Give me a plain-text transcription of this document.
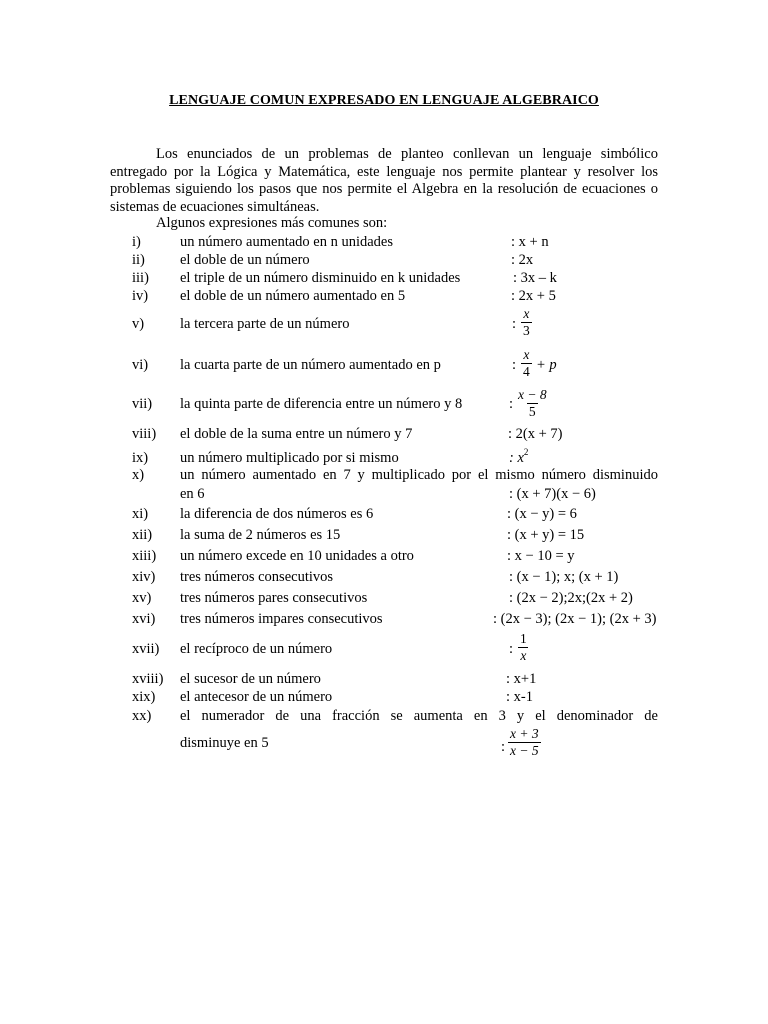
LENGUAJE COMUN EXPRESADO EN LENGUAJE ALGEBRAICO
Los enunciados de un problemas de planteo conllevan un lenguaje simbólico entregado por la Lógica y Matemática, este lenguaje nos permite plantear y resolver los problemas siguiendo los pasos que nos permite el Algebra en la resolución de ecuaciones o sistemas de ecuaciones simultáneas.
Algunos expresiones más comunes son:
i)	un número aumentado en n unidades	: x + n
ii) el doble de un número	: 2x
iii) el triple de un número disminuido en k unidades	: 3x – k
iv) el doble de un número aumentado en 5	: 2x + 5
v) la tercera parte de un número	: $\frac{x}{3}$
vi) la cuarta parte de un número aumentado en p	: $\frac{x}{4} + p$
vii) la quinta parte de diferencia entre un número y 8	: $\frac{x - 8}{5}$
viii) el doble de la suma entre un número y 7	: 2(x + 7)
ix) un número multiplicado por si mismo	: $x^2$
x) un número aumentado en 7 y multiplicado por el mismo número disminuido
en 6	: (x + 7)(x − 6)
xi) la diferencia de dos números es 6	: (x − y) = 6
xii) la suma de 2 números es 15	: (x + y) = 15
xiii) un número excede en 10 unidades a otro	: x − 10 = y
xiv) tres números consecutivos	: (x − 1); x; (x + 1)
xv) tres números pares consecutivos	: (2x − 2);2x;(2x + 2)
xvi) tres números impares consecutivos	: (2x − 3); (2x − 1); (2x + 3)
xvii) el recíproco de un número	: $\frac{1}{x}$
xviii) el sucesor de un número	: x+1
xix) el antecesor de un número	: x-1
xx) el numerador de una fracción se aumenta en 3 y el denominador de
disminuye en 5	: $\frac{x + 3}{x - 5}$
